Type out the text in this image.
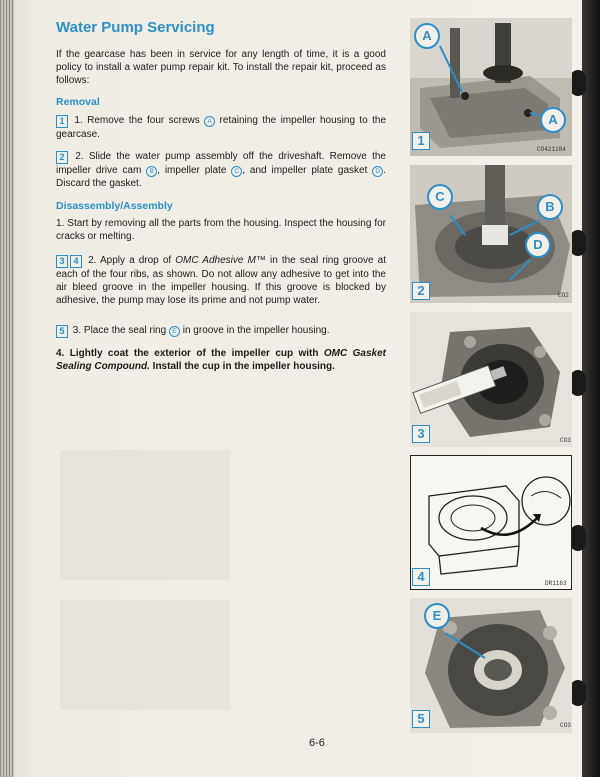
Water Pump Servicing

If the gearcase has been in service for any length of time, it is a good policy to install a water pump repair kit. To install the repair kit, proceed as follows:

Removal

1 1. Remove the four screws A retaining the impeller housing to the gearcase.

2 2. Slide the water pump assembly off the driveshaft. Remove the impeller drive cam B , impeller plate C , and impeller plate gasket D . Discard the gasket.

Disassembly/Assembly

1. Start by removing all the parts from the housing. Inspect the housing for cracks or melting.

3 4 2. Apply a drop of OMC Adhesive M™ in the seal ring groove at each of the four ribs, as shown. Do not allow any adhesive to get into the air bleed groove in the impeller housing. If this groove is blocked by adhesive, the pump may lose its prime and not pump water.

5 3. Place the seal ring E in groove in the impeller housing.

4. Lightly coat the exterior of the impeller cup with OMC Gasket Sealing Compound. Install the cup in the impeller housing.

A
A
1
CO421184
C
B
D
2	CO2
3	CO3
4	DR1163
E
5	CO3
6-6
